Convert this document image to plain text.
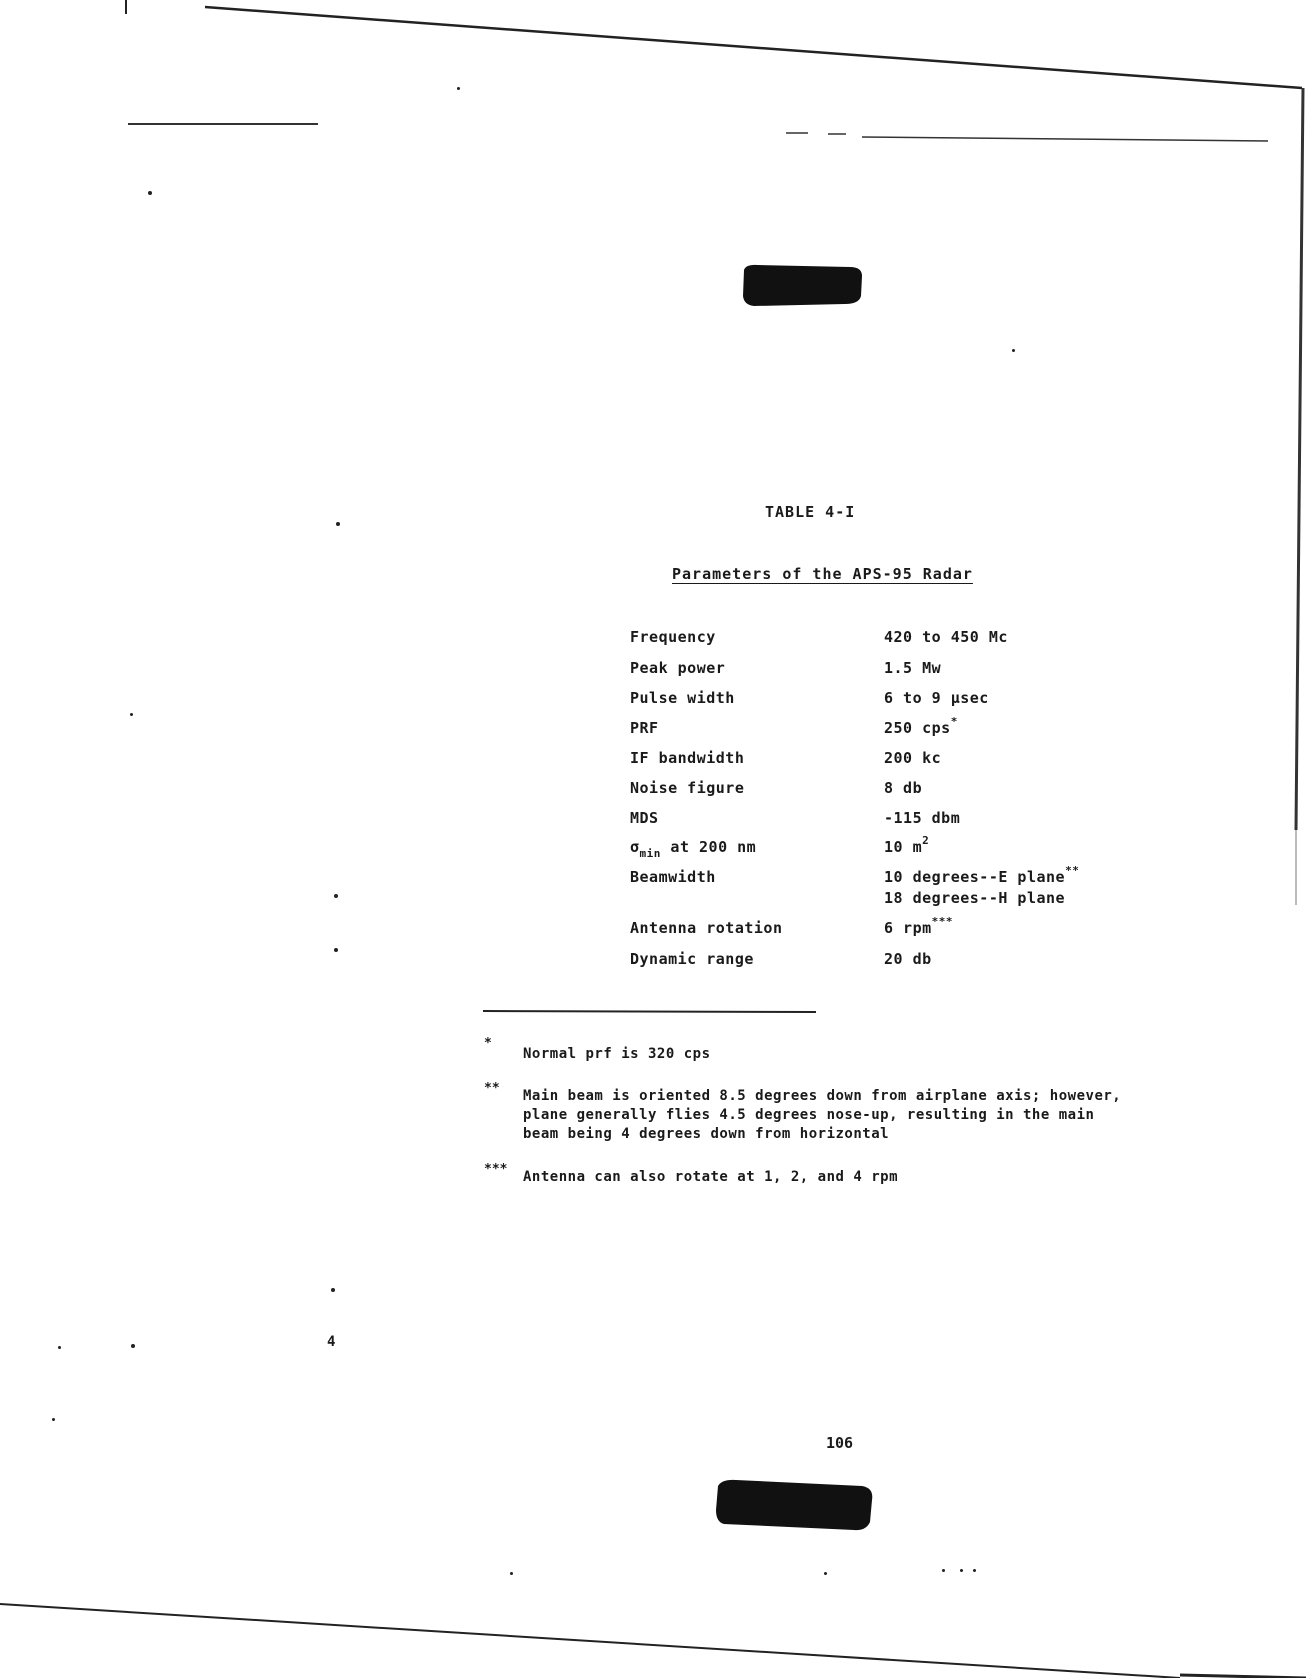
4
TABLE 4-I
Parameters of the APS-95 Radar
Frequency	420 to 450 Mc
Peak power	1.5 Mw
Pulse width	6 to 9 μsec
PRF	250 cps*
IF bandwidth	200 kc
Noise figure	8 db
MDS	-115 dbm
$\sigma_{min}$ at 200 nm	10 $m^2$
Beamwidth	10 degrees--E plane**
18 degrees--H plane
Antenna rotation	6 rpm***
Dynamic range	20 db
*
Normal prf is 320 cps
** Main beam is oriented 8.5 degrees down from airplane axis; however,
plane generally flies 4.5 degrees nose-up, resulting in the main
beam being 4 degrees down from horizontal
*** Antenna can also rotate at 1, 2, and 4 rpm
106
